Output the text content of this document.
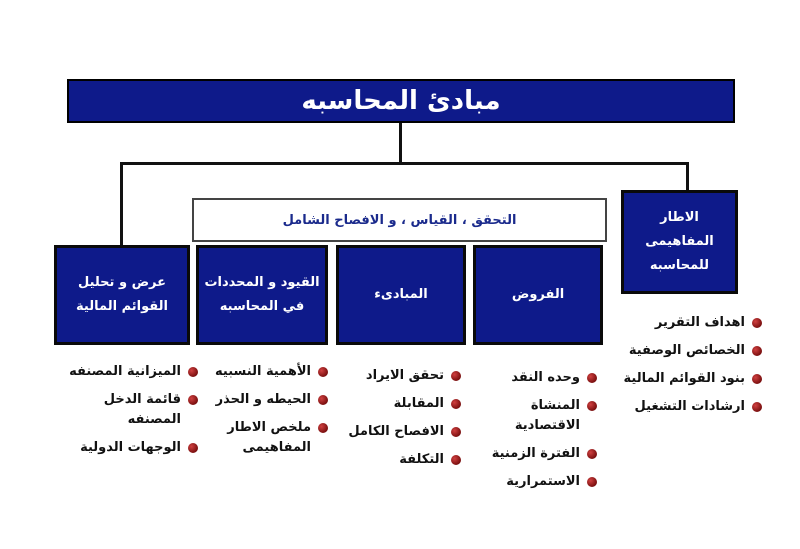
مبادئ المحاسبه
التحقق ، القياس ، و الافصاح الشامل	الاطار المفاهيمى
للمحاسبه
الفروض
المبادىء
القيود و المحددات
في المحاسبه
عرض و تحليل
القوائم المالية
اهداف التقرير
الخصائص الوصفية
بنود القوائم المالية
ارشادات التشغيل
وحده النقد
المنشاة
الاقتصادية
الفترة الزمنية
الاستمرارية
تحقق الايراد
المقابلة
الافصاح الكامل
التكلفة
الأهمية النسبيه
الحيطه و الحذر
ملخص الاطار
المفاهيمى
الميزانية المصنفه
قائمة الدخل
المصنفه
الوجهات الدولية
